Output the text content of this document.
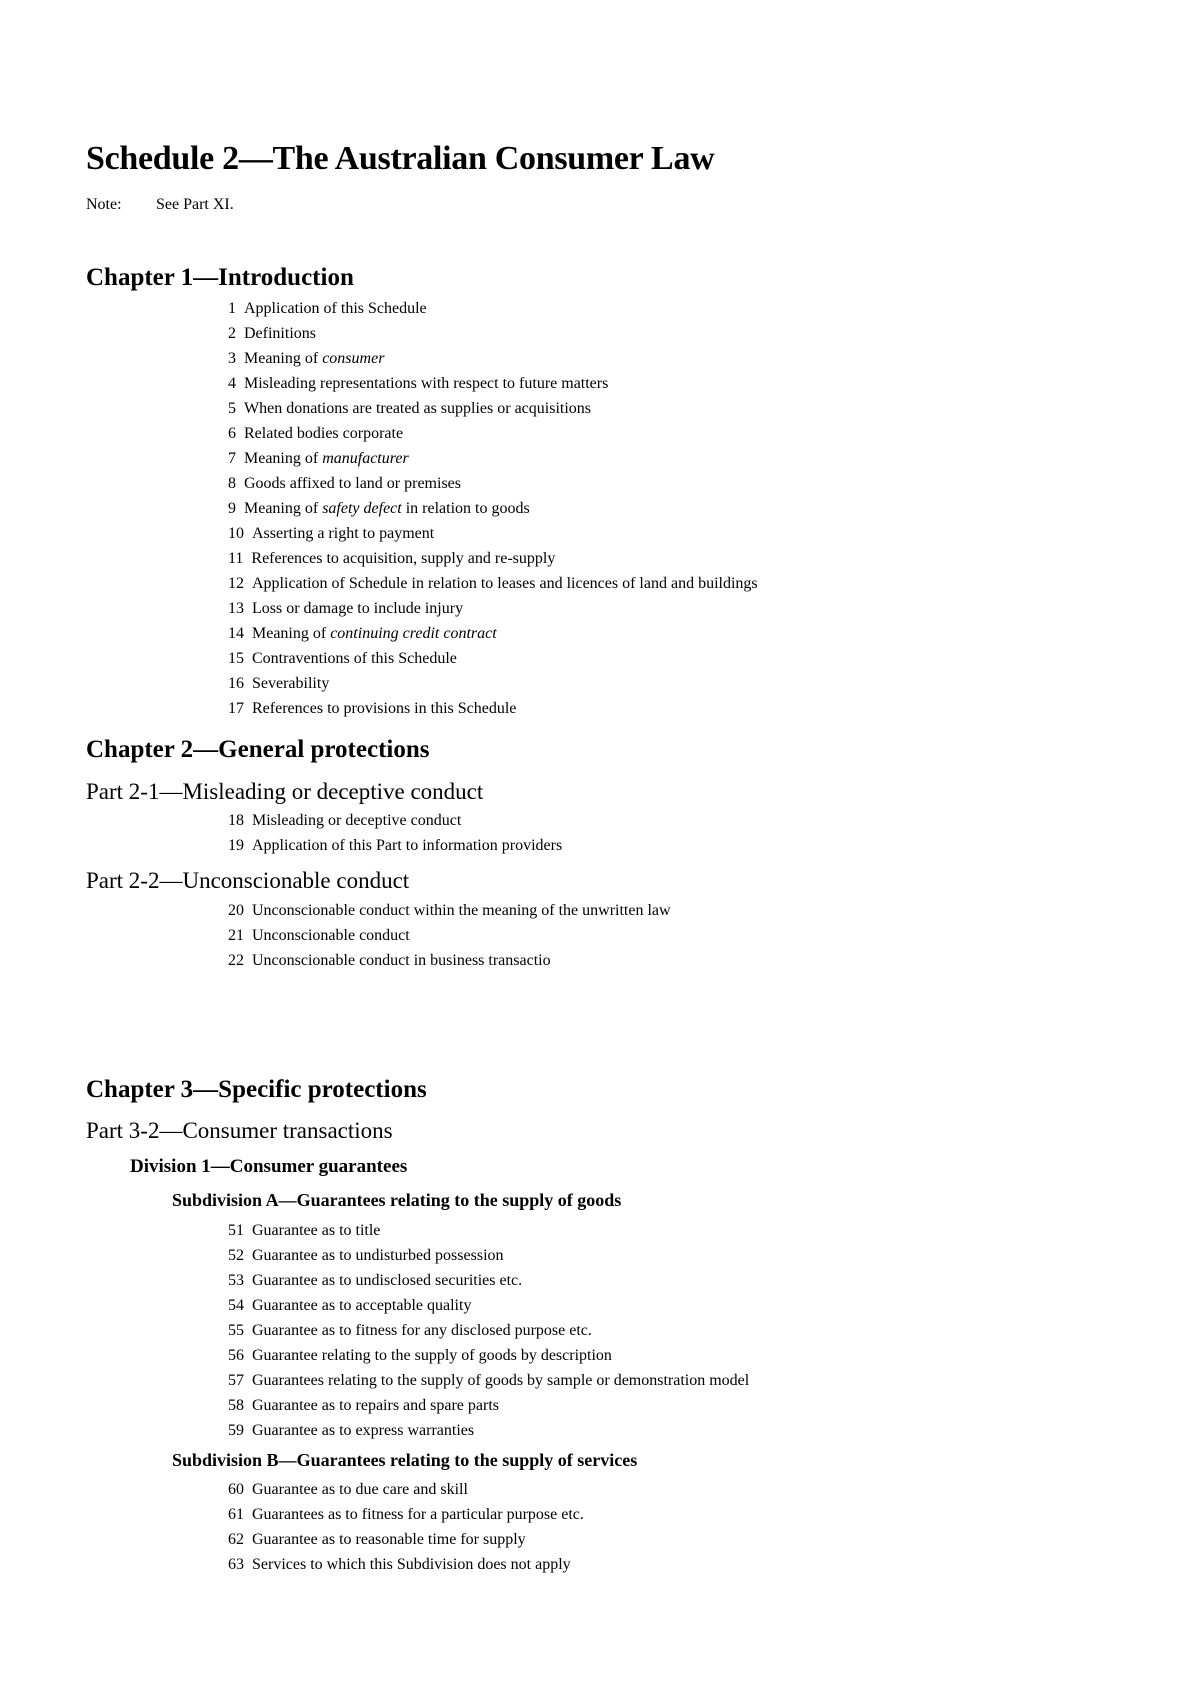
Schedule 2—The Australian Consumer Law
Note: See Part XI.
Chapter 1—Introduction
1 Application of this Schedule
2 Definitions
3 Meaning of consumer
4 Misleading representations with respect to future matters
5 When donations are treated as supplies or acquisitions
6 Related bodies corporate
7 Meaning of manufacturer
8 Goods affixed to land or premises
9 Meaning of safety defect in relation to goods
10 Asserting a right to payment
11 References to acquisition, supply and re-supply
12 Application of Schedule in relation to leases and licences of land and buildings
13 Loss or damage to include injury
14 Meaning of continuing credit contract
15 Contraventions of this Schedule
16 Severability
17 References to provisions in this Schedule
Chapter 2—General protections
Part 2-1—Misleading or deceptive conduct
18 Misleading or deceptive conduct
19 Application of this Part to information providers
Part 2-2—Unconscionable conduct
20 Unconscionable conduct within the meaning of the unwritten law
21 Unconscionable conduct
22 Unconscionable conduct in business transactio
Chapter 3—Specific protections
Part 3-2—Consumer transactions
Division 1—Consumer guarantees
Subdivision A—Guarantees relating to the supply of goods
51 Guarantee as to title
52 Guarantee as to undisturbed possession
53 Guarantee as to undisclosed securities etc.
54 Guarantee as to acceptable quality
55 Guarantee as to fitness for any disclosed purpose etc.
56 Guarantee relating to the supply of goods by description
57 Guarantees relating to the supply of goods by sample or demonstration model
58 Guarantee as to repairs and spare parts
59 Guarantee as to express warranties
Subdivision B—Guarantees relating to the supply of services
60 Guarantee as to due care and skill
61 Guarantees as to fitness for a particular purpose etc.
62 Guarantee as to reasonable time for supply
63 Services to which this Subdivision does not apply
